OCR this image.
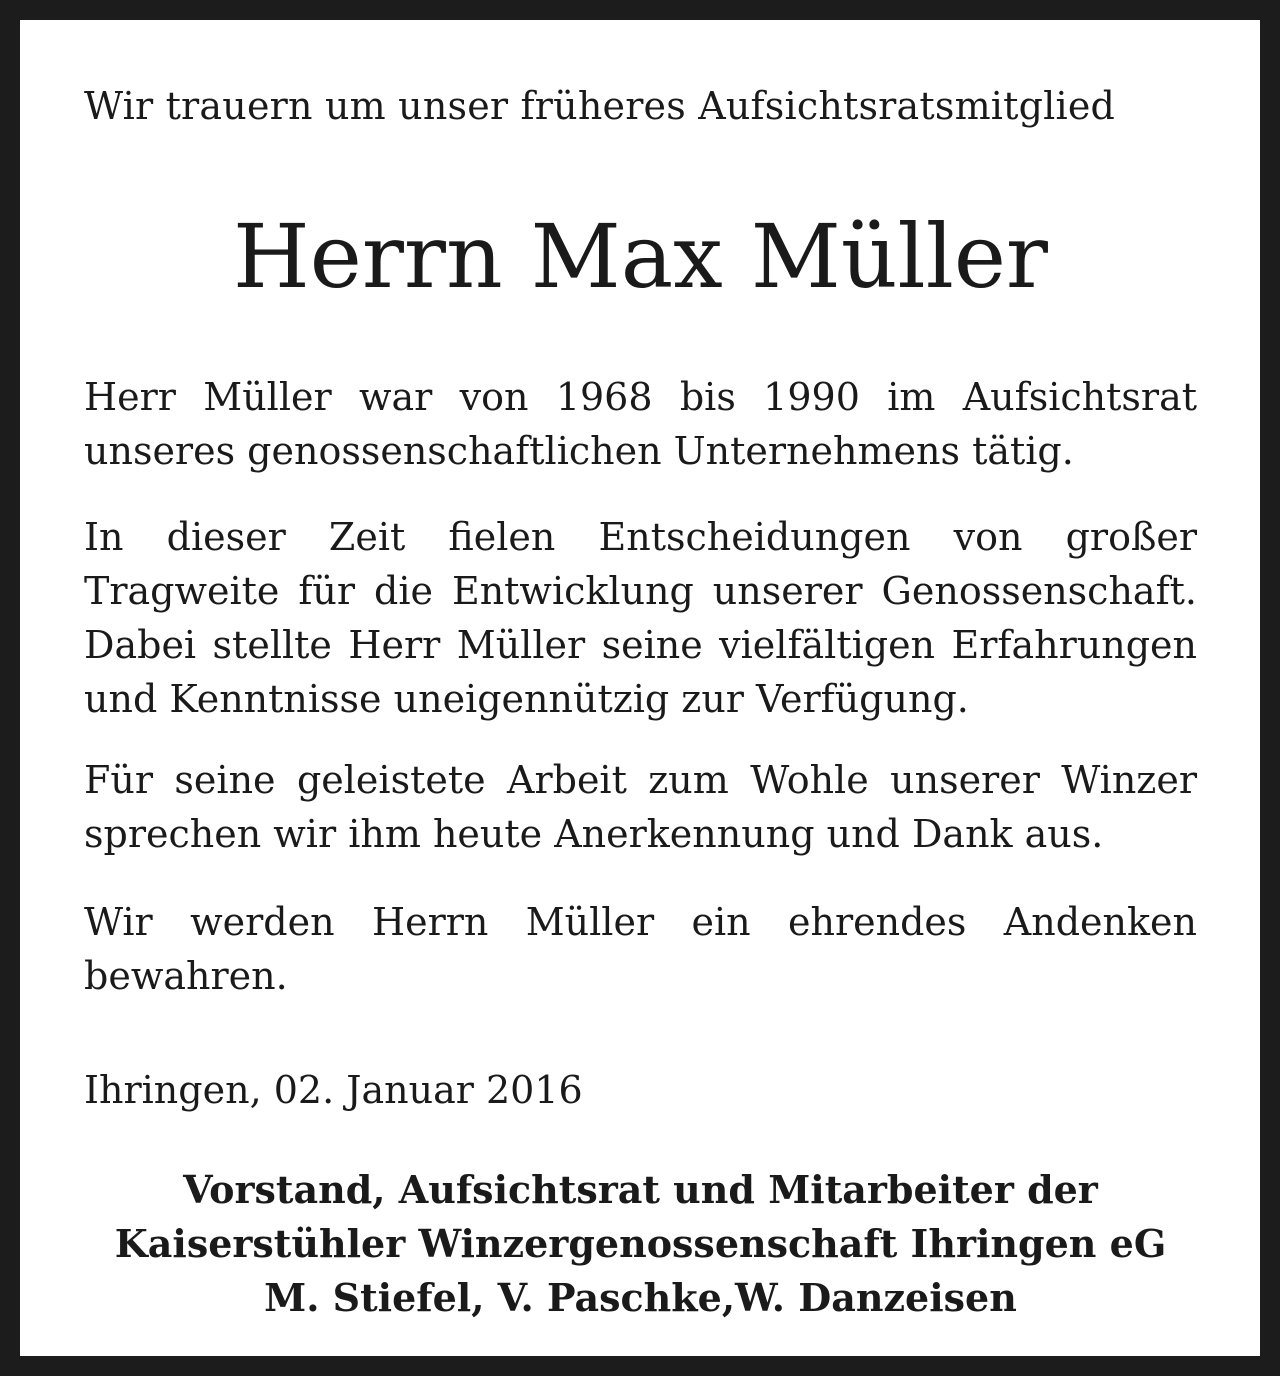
Wir trauern um unser früheres Aufsichtsratsmitglied
Herrn Max Müller
Herr Müller war von 1968 bis 1990 im Aufsichtsrat unseres genossenschaftlichen Unternehmens tätig.
In dieser Zeit fielen Entscheidungen von großer Tragweite für die Entwicklung unserer Genossenschaft. Dabei stellte Herr Müller seine vielfältigen Erfahrungen und Kenntnisse uneigennützig zur Verfügung.
Für seine geleistete Arbeit zum Wohle unserer Winzer sprechen wir ihm heute Anerkennung und Dank aus.
Wir werden Herrn Müller ein ehrendes Andenken bewahren.
Ihringen, 02. Januar 2016
Vorstand, Aufsichtsrat und Mitarbeiter der
Kaiserstühler Winzergenossenschaft Ihringen eG
M. Stiefel, V. Paschke,W. Danzeisen
